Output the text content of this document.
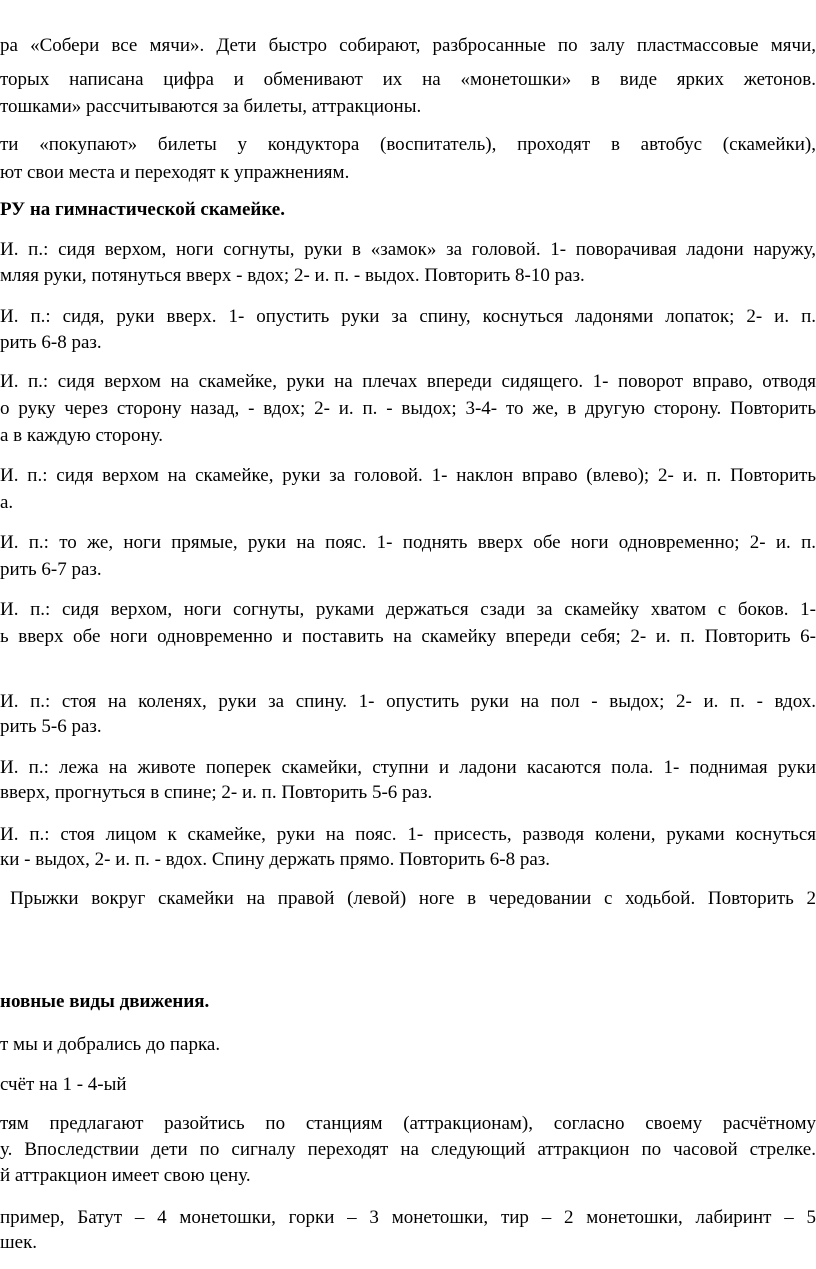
ра «Собери все мячи». Дети быстро собирают, разбросанные по залу пластмассовые мячи,

торых написана цифра и обменивают их на «монетошки» в виде ярких жетонов.

тошками» рассчитываются за билеты, аттракционы.

ти «покупают» билеты у кондуктора (воспитатель), проходят в автобус (скамейки),

ют свои места и переходят к упражнениям.

РУ на гимнастической скамейке.

И. п.: сидя верхом, ноги согнуты, руки в «замок» за головой. 1- поворачивая ладони наружу,

мляя руки, потянуться вверх - вдох; 2- и. п. - выдох. Повторить 8-10 раз.

И. п.: сидя, руки вверх. 1- опустить руки за спину, коснуться ладонями лопаток; 2- и. п.

рить 6-8 раз.

И. п.: сидя верхом на скамейке, руки на плечах впереди сидящего. 1- поворот вправо, отводя

о руку через сторону назад, - вдох; 2- и. п. - выдох; 3-4- то же, в другую сторону. Повторить

а в каждую сторону.

И. п.: сидя верхом на скамейке, руки за головой. 1- наклон вправо (влево); 2- и. п. Повторить

а.

И. п.: то же, ноги прямые, руки на пояс. 1- поднять вверх обе ноги одновременно; 2- и. п.

рить 6-7 раз.

И. п.: сидя верхом, ноги согнуты, руками держаться сзади за скамейку хватом с боков. 1-

ь вверх обе ноги одновременно и поставить на скамейку впереди себя; 2- и. п. Повторить 6-

И. п.: стоя на коленях, руки за спину. 1- опустить руки на пол - выдох; 2- и. п. - вдох.

рить 5-6 раз.

И. п.: лежа на животе поперек скамейки, ступни и ладони касаются пола. 1- поднимая руки

вверх, прогнуться в спине; 2- и. п. Повторить 5-6 раз.

И. п.: стоя лицом к скамейке, руки на пояс. 1- присесть, разводя колени, руками коснуться

ки - выдох, 2- и. п. - вдох. Спину держать прямо. Повторить 6-8 раз.

Прыжки вокруг скамейки на правой (левой) ноге в чередовании с ходьбой. Повторить 2

новные виды движения.

т мы и добрались до парка.

счёт на 1 - 4-ый

тям предлагают разойтись по станциям (аттракционам), согласно своему расчётному

у. Впоследствии дети по сигналу переходят на следующий аттракцион по часовой стрелке.

й аттракцион имеет свою цену.

пример, Батут – 4 монетошки, горки – 3 монетошки, тир – 2 монетошки, лабиринт – 5

шек.
